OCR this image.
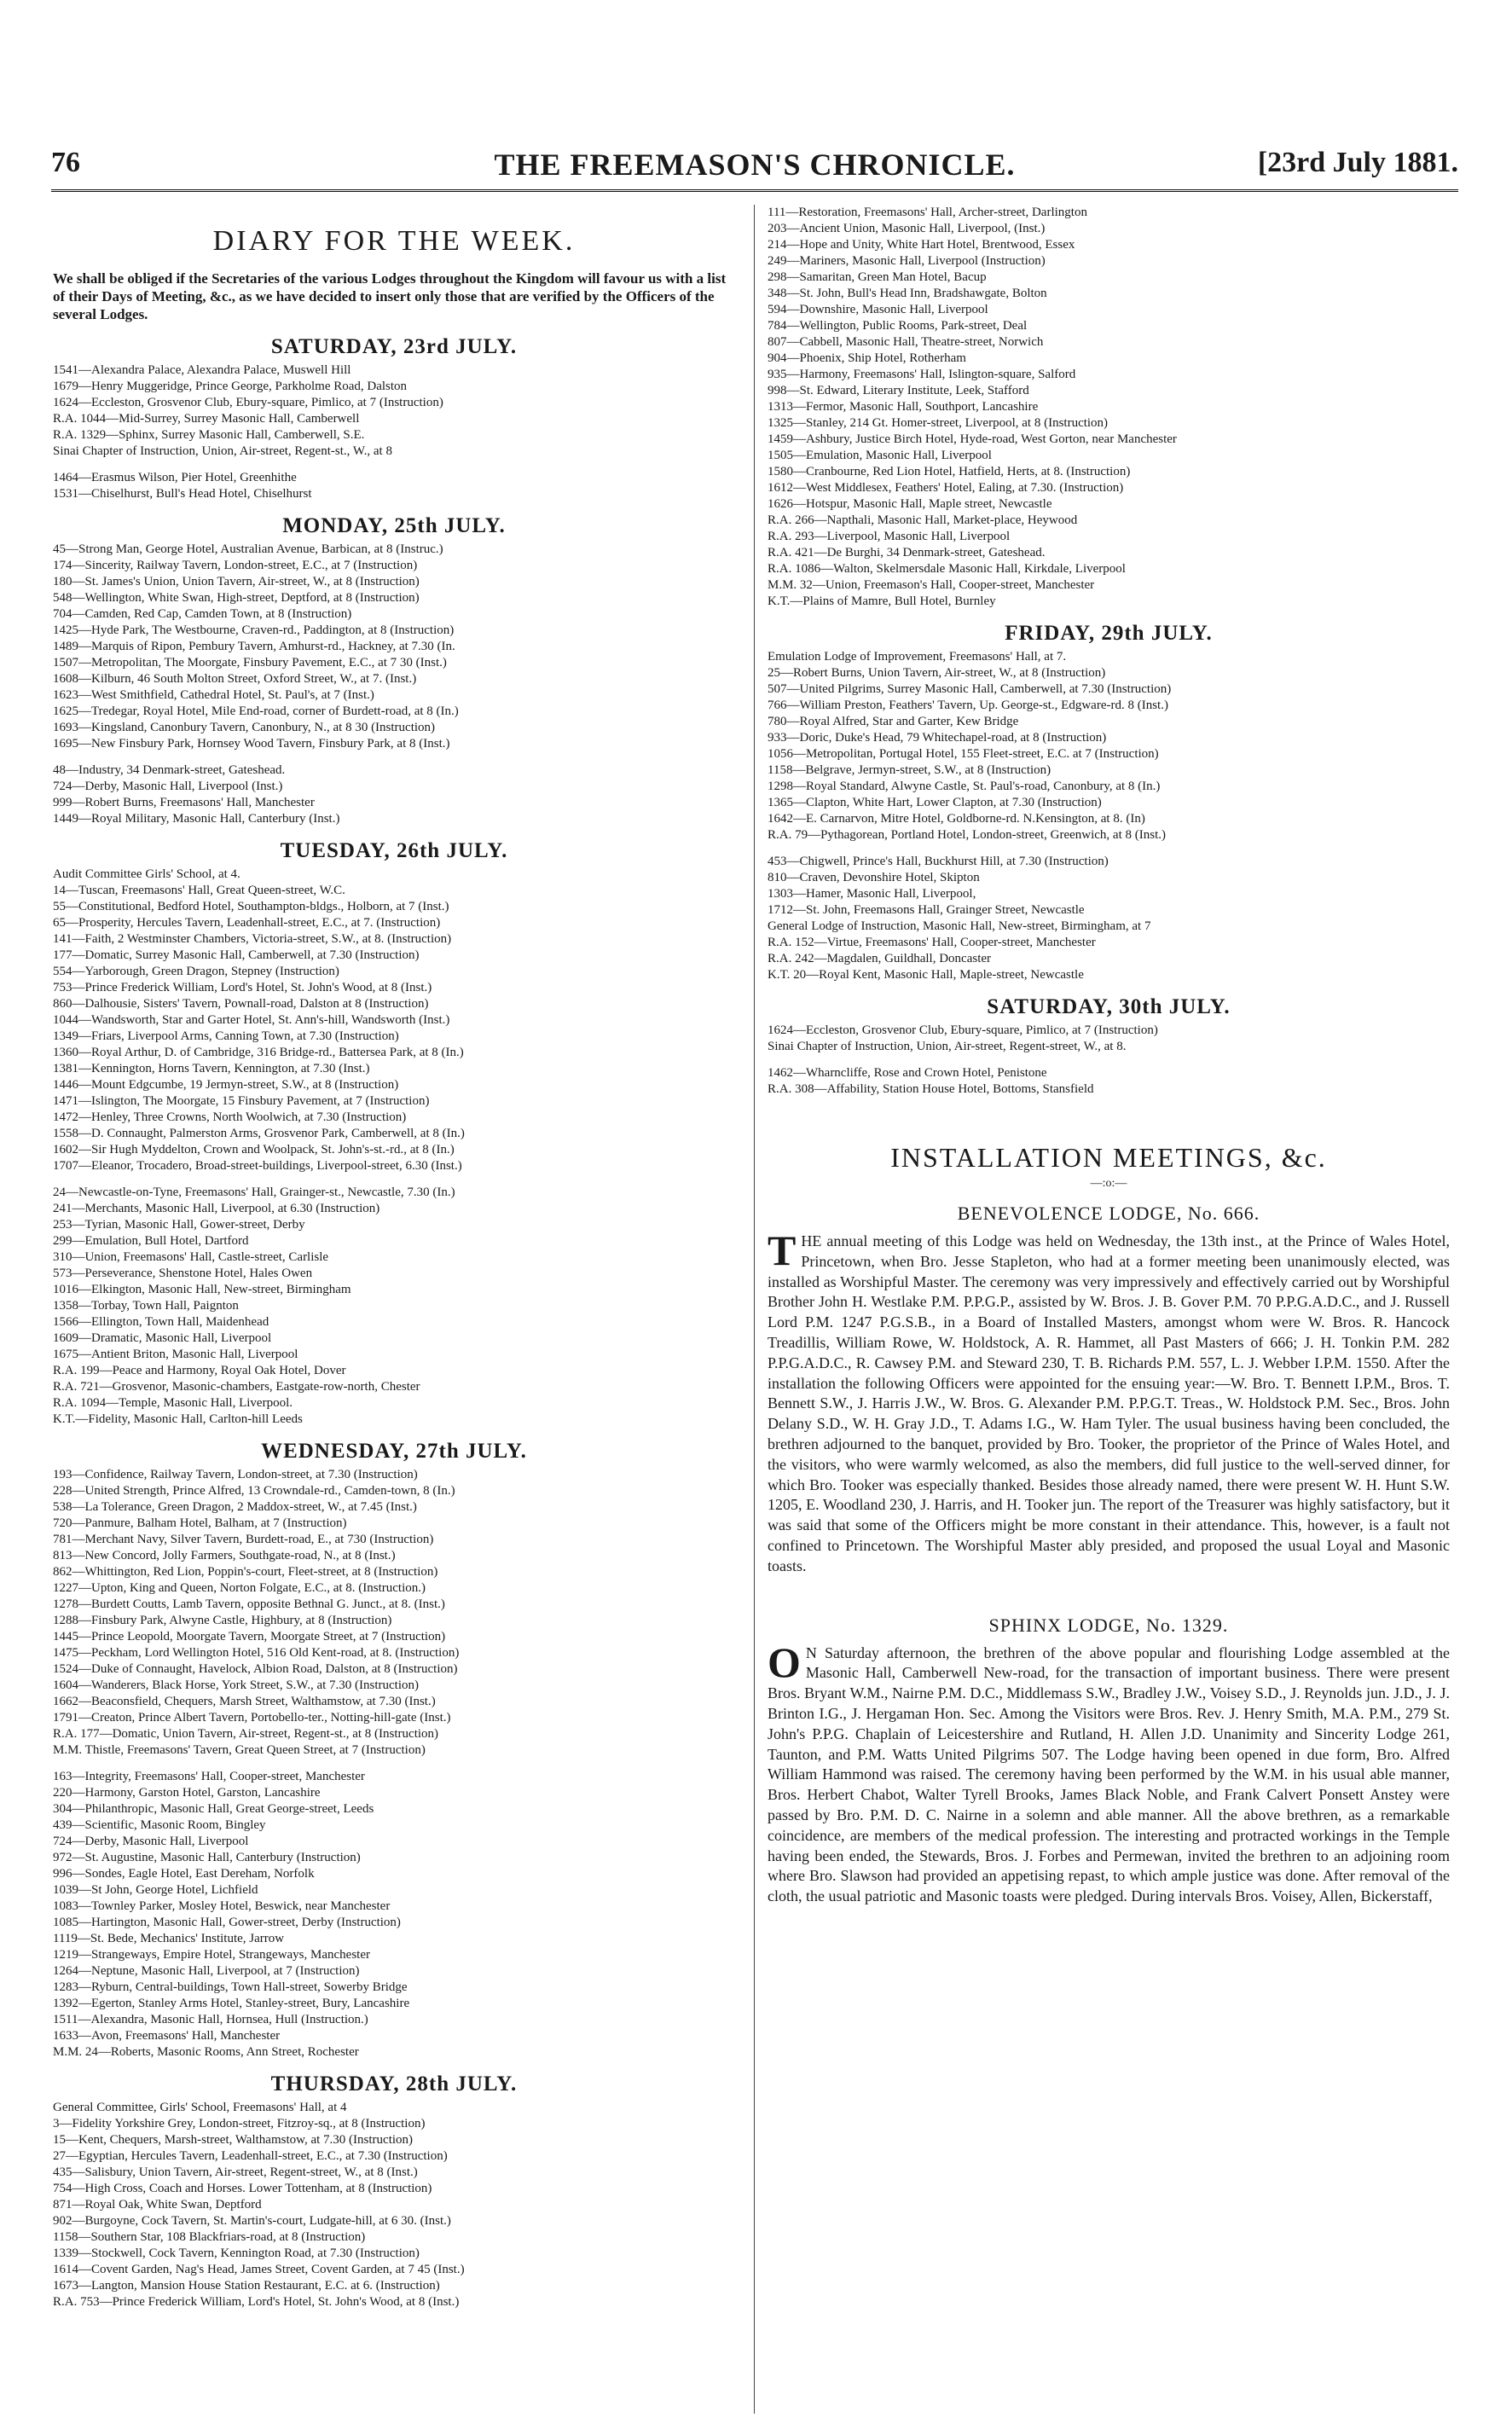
THE FREEMASON'S CHRONICLE.
76	[23rd July 1881.
DIARY FOR THE WEEK.
We shall be obliged if the Secretaries of the various Lodges throughout the Kingdom will favour us with a list of their Days of Meeting, &c., as we have decided to insert only those that are verified by the Officers of the several Lodges.
SATURDAY, 23rd JULY.
1541—Alexandra Palace, Alexandra Palace, Muswell Hill
1679—Henry Muggeridge, Prince George, Parkholme Road, Dalston
1624—Eccleston, Grosvenor Club, Ebury-square, Pimlico, at 7 (Instruction)
R.A. 1044—Mid-Surrey, Surrey Masonic Hall, Camberwell
R.A. 1329—Sphinx, Surrey Masonic Hall, Camberwell, S.E.
Sinai Chapter of Instruction, Union, Air-street, Regent-st., W., at 8
1464—Erasmus Wilson, Pier Hotel, Greenhithe
1531—Chiselhurst, Bull's Head Hotel, Chiselhurst
MONDAY, 25th JULY.
45—Strong Man, George Hotel, Australian Avenue, Barbican, at 8 (Instruc.)
174—Sincerity, Railway Tavern, London-street, E.C., at 7 (Instruction)
180—St. James's Union, Union Tavern, Air-street, W., at 8 (Instruction)
548—Wellington, White Swan, High-street, Deptford, at 8 (Instruction)
704—Camden, Red Cap, Camden Town, at 8 (Instruction)
1425—Hyde Park, The Westbourne, Craven-rd., Paddington, at 8 (Instruction)
1489—Marquis of Ripon, Pembury Tavern, Amhurst-rd., Hackney, at 7.30 (In.
1507—Metropolitan, The Moorgate, Finsbury Pavement, E.C., at 7 30 (Inst.)
1608—Kilburn, 46 South Molton Street, Oxford Street, W., at 7. (Inst.)
1623—West Smithfield, Cathedral Hotel, St. Paul's, at 7 (Inst.)
1625—Tredegar, Royal Hotel, Mile End-road, corner of Burdett-road, at 8 (In.)
1693—Kingsland, Canonbury Tavern, Canonbury, N., at 8 30 (Instruction)
1695—New Finsbury Park, Hornsey Wood Tavern, Finsbury Park, at 8 (Inst.)
48—Industry, 34 Denmark-street, Gateshead.
724—Derby, Masonic Hall, Liverpool (Inst.)
999—Robert Burns, Freemasons' Hall, Manchester
1449—Royal Military, Masonic Hall, Canterbury (Inst.)
TUESDAY, 26th JULY.
Audit Committee Girls' School, at 4.
14—Tuscan, Freemasons' Hall, Great Queen-street, W.C.
55—Constitutional, Bedford Hotel, Southampton-bldgs., Holborn, at 7 (Inst.)
65—Prosperity, Hercules Tavern, Leadenhall-street, E.C., at 7. (Instruction)
141—Faith, 2 Westminster Chambers, Victoria-street, S.W., at 8. (Instruction)
177—Domatic, Surrey Masonic Hall, Camberwell, at 7.30 (Instruction)
554—Yarborough, Green Dragon, Stepney (Instruction)
753—Prince Frederick William, Lord's Hotel, St. John's Wood, at 8 (Inst.)
860—Dalhousie, Sisters' Tavern, Pownall-road, Dalston at 8 (Instruction)
1044—Wandsworth, Star and Garter Hotel, St. Ann's-hill, Wandsworth (Inst.)
1349—Friars, Liverpool Arms, Canning Town, at 7.30 (Instruction)
1360—Royal Arthur, D. of Cambridge, 316 Bridge-rd., Battersea Park, at 8 (In.)
1381—Kennington, Horns Tavern, Kennington, at 7.30 (Inst.)
1446—Mount Edgcumbe, 19 Jermyn-street, S.W., at 8 (Instruction)
1471—Islington, The Moorgate, 15 Finsbury Pavement, at 7 (Instruction)
1472—Henley, Three Crowns, North Woolwich, at 7.30 (Instruction)
1558—D. Connaught, Palmerston Arms, Grosvenor Park, Camberwell, at 8 (In.)
1602—Sir Hugh Myddelton, Crown and Woolpack, St. John's-st.-rd., at 8 (In.)
1707—Eleanor, Trocadero, Broad-street-buildings, Liverpool-street, 6.30 (Inst.)
24—Newcastle-on-Tyne, Freemasons' Hall, Grainger-st., Newcastle, 7.30 (In.)
241—Merchants, Masonic Hall, Liverpool, at 6.30 (Instruction)
253—Tyrian, Masonic Hall, Gower-street, Derby
299—Emulation, Bull Hotel, Dartford
310—Union, Freemasons' Hall, Castle-street, Carlisle
573—Perseverance, Shenstone Hotel, Hales Owen
1016—Elkington, Masonic Hall, New-street, Birmingham
1358—Torbay, Town Hall, Paignton
1566—Ellington, Town Hall, Maidenhead
1609—Dramatic, Masonic Hall, Liverpool
1675—Antient Briton, Masonic Hall, Liverpool
R.A. 199—Peace and Harmony, Royal Oak Hotel, Dover
R.A. 721—Grosvenor, Masonic-chambers, Eastgate-row-north, Chester
R.A. 1094—Temple, Masonic Hall, Liverpool.
K.T.—Fidelity, Masonic Hall, Carlton-hill Leeds
WEDNESDAY, 27th JULY.
193—Confidence, Railway Tavern, London-street, at 7.30 (Instruction)
228—United Strength, Prince Alfred, 13 Crowndale-rd., Camden-town, 8 (In.)
538—La Tolerance, Green Dragon, 2 Maddox-street, W., at 7.45 (Inst.)
720—Panmure, Balham Hotel, Balham, at 7 (Instruction)
781—Merchant Navy, Silver Tavern, Burdett-road, E., at 730 (Instruction)
813—New Concord, Jolly Farmers, Southgate-road, N., at 8 (Inst.)
862—Whittington, Red Lion, Poppin's-court, Fleet-street, at 8 (Instruction)
1227—Upton, King and Queen, Norton Folgate, E.C., at 8. (Instruction.)
1278—Burdett Coutts, Lamb Tavern, opposite Bethnal G. Junct., at 8. (Inst.)
1288—Finsbury Park, Alwyne Castle, Highbury, at 8 (Instruction)
1445—Prince Leopold, Moorgate Tavern, Moorgate Street, at 7 (Instruction)
1475—Peckham, Lord Wellington Hotel, 516 Old Kent-road, at 8. (Instruction)
1524—Duke of Connaught, Havelock, Albion Road, Dalston, at 8 (Instruction)
1604—Wanderers, Black Horse, York Street, S.W., at 7.30 (Instruction)
1662—Beaconsfield, Chequers, Marsh Street, Walthamstow, at 7.30 (Inst.)
1791—Creaton, Prince Albert Tavern, Portobello-ter., Notting-hill-gate (Inst.)
R.A. 177—Domatic, Union Tavern, Air-street, Regent-st., at 8 (Instruction)
M.M. Thistle, Freemasons' Tavern, Great Queen Street, at 7 (Instruction)
163—Integrity, Freemasons' Hall, Cooper-street, Manchester
220—Harmony, Garston Hotel, Garston, Lancashire
304—Philanthropic, Masonic Hall, Great George-street, Leeds
439—Scientific, Masonic Room, Bingley
724—Derby, Masonic Hall, Liverpool
972—St. Augustine, Masonic Hall, Canterbury (Instruction)
996—Sondes, Eagle Hotel, East Dereham, Norfolk
1039—St John, George Hotel, Lichfield
1083—Townley Parker, Mosley Hotel, Beswick, near Manchester
1085—Hartington, Masonic Hall, Gower-street, Derby (Instruction)
1119—St. Bede, Mechanics' Institute, Jarrow
1219—Strangeways, Empire Hotel, Strangeways, Manchester
1264—Neptune, Masonic Hall, Liverpool, at 7 (Instruction)
1283—Ryburn, Central-buildings, Town Hall-street, Sowerby Bridge
1392—Egerton, Stanley Arms Hotel, Stanley-street, Bury, Lancashire
1511—Alexandra, Masonic Hall, Hornsea, Hull (Instruction.)
1633—Avon, Freemasons' Hall, Manchester
M.M. 24—Roberts, Masonic Rooms, Ann Street, Rochester
THURSDAY, 28th JULY.
General Committee, Girls' School, Freemasons' Hall, at 4
3—Fidelity Yorkshire Grey, London-street, Fitzroy-sq., at 8 (Instruction)
15—Kent, Chequers, Marsh-street, Walthamstow, at 7.30 (Instruction)
27—Egyptian, Hercules Tavern, Leadenhall-street, E.C., at 7.30 (Instruction)
435—Salisbury, Union Tavern, Air-street, Regent-street, W., at 8 (Inst.)
754—High Cross, Coach and Horses. Lower Tottenham, at 8 (Instruction)
871—Royal Oak, White Swan, Deptford
902—Burgoyne, Cock Tavern, St. Martin's-court, Ludgate-hill, at 6 30. (Inst.)
1158—Southern Star, 108 Blackfriars-road, at 8 (Instruction)
1339—Stockwell, Cock Tavern, Kennington Road, at 7.30 (Instruction)
1614—Covent Garden, Nag's Head, James Street, Covent Garden, at 7 45 (Inst.)
1673—Langton, Mansion House Station Restaurant, E.C. at 6. (Instruction)
R.A. 753—Prince Frederick William, Lord's Hotel, St. John's Wood, at 8 (Inst.)
111—Restoration, Freemasons' Hall, Archer-street, Darlington
203—Ancient Union, Masonic Hall, Liverpool, (Inst.)
214—Hope and Unity, White Hart Hotel, Brentwood, Essex
249—Mariners, Masonic Hall, Liverpool (Instruction)
298—Samaritan, Green Man Hotel, Bacup
348—St. John, Bull's Head Inn, Bradshawgate, Bolton
594—Downshire, Masonic Hall, Liverpool
784—Wellington, Public Rooms, Park-street, Deal
807—Cabbell, Masonic Hall, Theatre-street, Norwich
904—Phoenix, Ship Hotel, Rotherham
935—Harmony, Freemasons' Hall, Islington-square, Salford
998—St. Edward, Literary Institute, Leek, Stafford
1313—Fermor, Masonic Hall, Southport, Lancashire
1325—Stanley, 214 Gt. Homer-street, Liverpool, at 8 (Instruction)
1459—Ashbury, Justice Birch Hotel, Hyde-road, West Gorton, near Manchester
1505—Emulation, Masonic Hall, Liverpool
1580—Cranbourne, Red Lion Hotel, Hatfield, Herts, at 8. (Instruction)
1612—West Middlesex, Feathers' Hotel, Ealing, at 7.30. (Instruction)
1626—Hotspur, Masonic Hall, Maple street, Newcastle
R.A. 266—Napthali, Masonic Hall, Market-place, Heywood
R.A. 293—Liverpool, Masonic Hall, Liverpool
R.A. 421—De Burghi, 34 Denmark-street, Gateshead.
R.A. 1086—Walton, Skelmersdale Masonic Hall, Kirkdale, Liverpool
M.M. 32—Union, Freemason's Hall, Cooper-street, Manchester
K.T.—Plains of Mamre, Bull Hotel, Burnley
FRIDAY, 29th JULY.
Emulation Lodge of Improvement, Freemasons' Hall, at 7.
25—Robert Burns, Union Tavern, Air-street, W., at 8 (Instruction)
507—United Pilgrims, Surrey Masonic Hall, Camberwell, at 7.30 (Instruction)
766—William Preston, Feathers' Tavern, Up. George-st., Edgware-rd. 8 (Inst.)
780—Royal Alfred, Star and Garter, Kew Bridge
933—Doric, Duke's Head, 79 Whitechapel-road, at 8 (Instruction)
1056—Metropolitan, Portugal Hotel, 155 Fleet-street, E.C. at 7 (Instruction)
1158—Belgrave, Jermyn-street, S.W., at 8 (Instruction)
1298—Royal Standard, Alwyne Castle, St. Paul's-road, Canonbury, at 8 (In.)
1365—Clapton, White Hart, Lower Clapton, at 7.30 (Instruction)
1642—E. Carnarvon, Mitre Hotel, Goldborne-rd. N.Kensington, at 8. (In)
R.A. 79—Pythagorean, Portland Hotel, London-street, Greenwich, at 8 (Inst.)
453—Chigwell, Prince's Hall, Buckhurst Hill, at 7.30 (Instruction)
810—Craven, Devonshire Hotel, Skipton
1303—Hamer, Masonic Hall, Liverpool,
1712—St. John, Freemasons Hall, Grainger Street, Newcastle
General Lodge of Instruction, Masonic Hall, New-street, Birmingham, at 7
R.A. 152—Virtue, Freemasons' Hall, Cooper-street, Manchester
R.A. 242—Magdalen, Guildhall, Doncaster
K.T. 20—Royal Kent, Masonic Hall, Maple-street, Newcastle
SATURDAY, 30th JULY.
1624—Eccleston, Grosvenor Club, Ebury-square, Pimlico, at 7 (Instruction)
Sinai Chapter of Instruction, Union, Air-street, Regent-street, W., at 8.
1462—Wharncliffe, Rose and Crown Hotel, Penistone
R.A. 308—Affability, Station House Hotel, Bottoms, Stansfield
INSTALLATION MEETINGS, &c.
—:o:—
BENEVOLENCE LODGE, No. 666.
THE annual meeting of this Lodge was held on Wednesday, the 13th inst., at the Prince of Wales Hotel, Princetown, when Bro. Jesse Stapleton, who had at a former meeting been unanimously elected, was installed as Worshipful Master. The ceremony was very impressively and effectively carried out by Worshipful Brother John H. Westlake P.M. P.P.G.P., assisted by W. Bros. J. B. Gover P.M. 70 P.P.G.A.D.C., and J. Russell Lord P.M. 1247 P.G.S.B., in a Board of Installed Masters, amongst whom were W. Bros. R. Hancock Treadillis, William Rowe, W. Holdstock, A. R. Hammet, all Past Masters of 666; J. H. Tonkin P.M. 282 P.P.G.A.D.C., R. Cawsey P.M. and Steward 230, T. B. Richards P.M. 557, L. J. Webber I.P.M. 1550. After the installation the following Officers were appointed for the ensuing year:—W. Bro. T. Bennett I.P.M., Bros. T. Bennett S.W., J. Harris J.W., W. Bros. G. Alexander P.M. P.P.G.T. Treas., W. Holdstock P.M. Sec., Bros. John Delany S.D., W. H. Gray J.D., T. Adams I.G., W. Ham Tyler. The usual business having been concluded, the brethren adjourned to the banquet, provided by Bro. Tooker, the proprietor of the Prince of Wales Hotel, and the visitors, who were warmly welcomed, as also the members, did full justice to the well-served dinner, for which Bro. Tooker was especially thanked. Besides those already named, there were present W. H. Hunt S.W. 1205, E. Woodland 230, J. Harris, and H. Tooker jun. The report of the Treasurer was highly satisfactory, but it was said that some of the Officers might be more constant in their attendance. This, however, is a fault not confined to Princetown. The Worshipful Master ably presided, and proposed the usual Loyal and Masonic toasts.
SPHINX LODGE, No. 1329.
O N Saturday afternoon, the brethren of the above popular and flourishing Lodge assembled at the Masonic Hall, Camberwell New-road, for the transaction of important business. There were present Bros. Bryant W.M., Nairne P.M. D.C., Middlemass S.W., Bradley J.W., Voisey S.D., J. Reynolds jun. J.D., J. J. Brinton I.G., J. Hergaman Hon. Sec. Among the Visitors were Bros. Rev. J. Henry Smith, M.A. P.M., 279 St. John's P.P.G. Chaplain of Leicestershire and Rutland, H. Allen J.D. Unanimity and Sincerity Lodge 261, Taunton, and P.M. Watts United Pilgrims 507. The Lodge having been opened in due form, Bro. Alfred William Hammond was raised. The ceremony having been performed by the W.M. in his usual able manner, Bros. Herbert Chabot, Walter Tyrell Brooks, James Black Noble, and Frank Calvert Ponsett Anstey were passed by Bro. P.M. D. C. Nairne in a solemn and able manner. All the above brethren, as a remarkable coincidence, are members of the medical profession. The interesting and protracted workings in the Temple having been ended, the Stewards, Bros. J. Forbes and Permewan, invited the brethren to an adjoining room where Bro. Slawson had provided an appetising repast, to which ample justice was done. After removal of the cloth, the usual patriotic and Masonic toasts were pledged. During intervals Bros. Voisey, Allen, Bickerstaff,
